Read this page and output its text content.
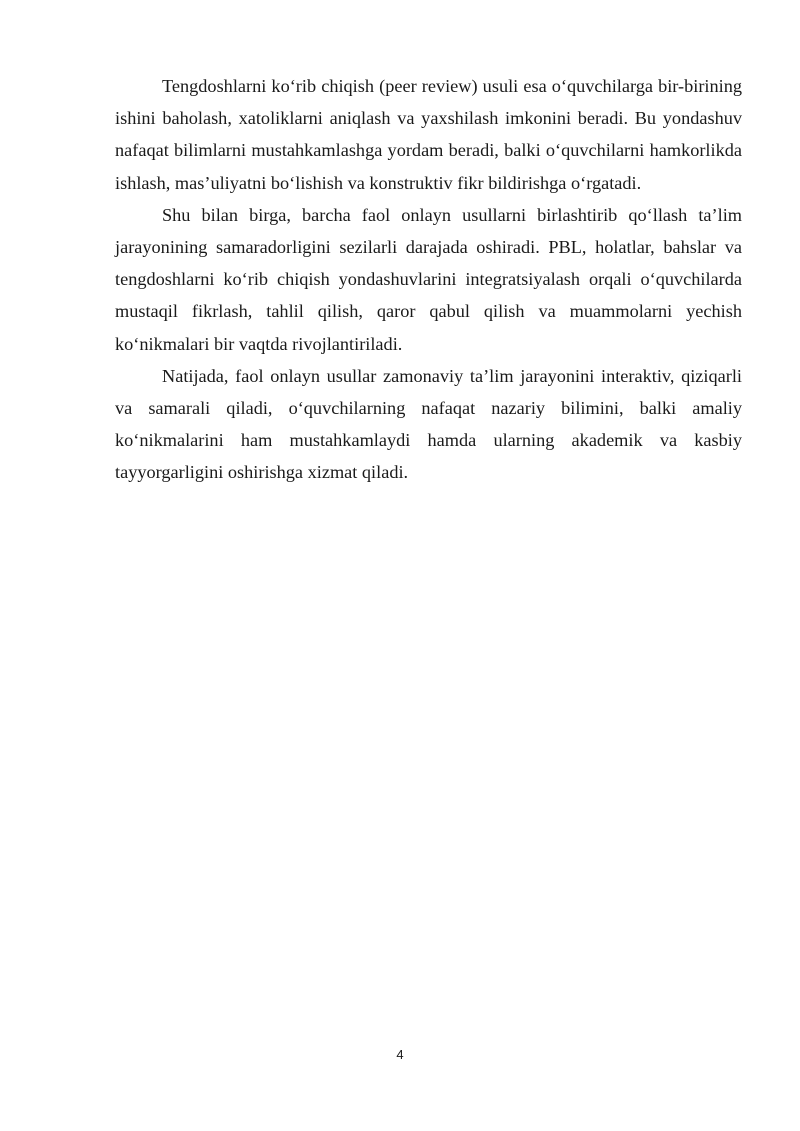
Tengdoshlarni ko‘rib chiqish (peer review) usuli esa o‘quvchilarga bir-birining ishini baholash, xatoliklarni aniqlash va yaxshilash imkonini beradi. Bu yondashuv nafaqat bilimlarni mustahkamlashga yordam beradi, balki o‘quvchilarni hamkorlikda ishlash, mas’uliyatni bo‘lishish va konstruktiv fikr bildirishga o‘rgatadi.

Shu bilan birga, barcha faol onlayn usullarni birlashtirib qo‘llash ta’lim jarayonining samaradorligini sezilarli darajada oshiradi. PBL, holatlar, bahslar va tengdoshlarni ko‘rib chiqish yondashuvlarini integratsiyalash orqali o‘quvchilarda mustaqil fikrlash, tahlil qilish, qaror qabul qilish va muammolarni yechish ko‘nikmalari bir vaqtda rivojlantiriladi.

Natijada, faol onlayn usullar zamonaviy ta’lim jarayonini interaktiv, qiziqarli va samarali qiladi, o‘quvchilarning nafaqat nazariy bilimini, balki amaliy ko‘nikmalarini ham mustahkamlaydi hamda ularning akademik va kasbiy tayyorgarligini oshirishga xizmat qiladi.

4
